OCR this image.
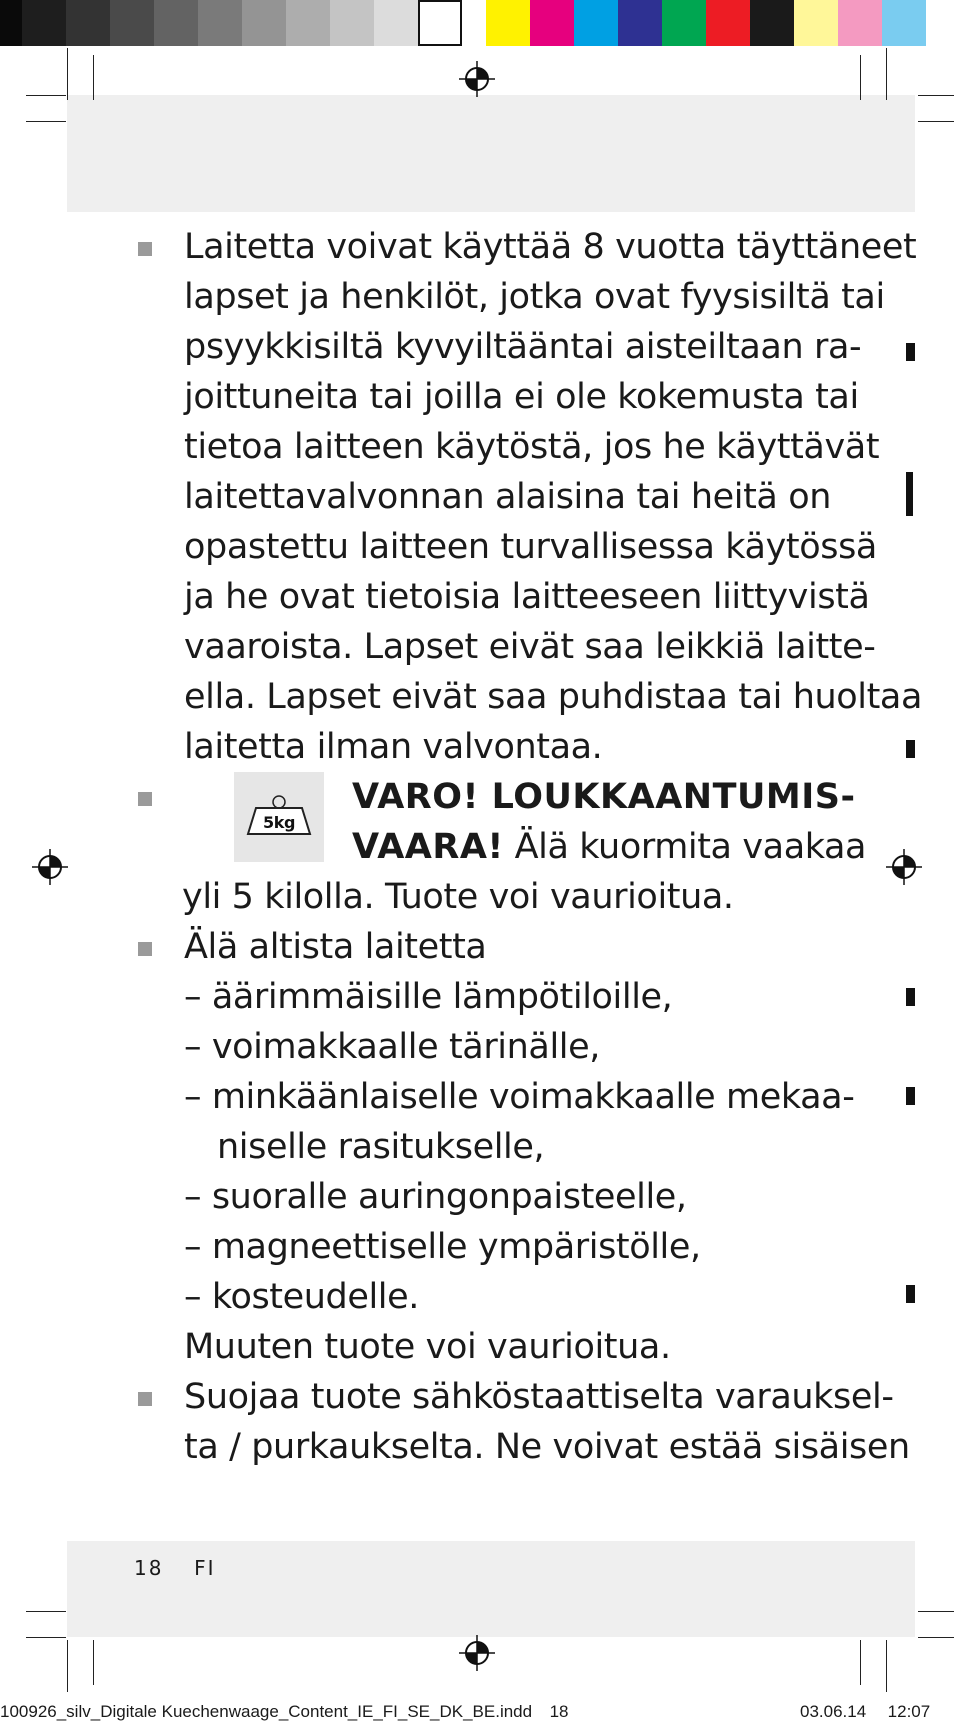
Laitetta voivat käyttää 8 vuotta täyttäneet
lapset ja henkilöt, jotka ovat fyysisiltä tai
psyykkisiltä kyvyiltääntai aisteiltaan ra-
joittuneita tai joilla ei ole kokemusta tai
tietoa laitteen käytöstä, jos he käyttävät
laitettavalvonnan alaisina tai heitä on
opastettu laitteen turvallisessa käytössä
ja he ovat tietoisia laitteeseen liittyvistä
vaaroista. Lapset eivät saa leikkiä laitte-
ella. Lapset eivät saa puhdistaa tai huoltaa
laitetta ilman valvontaa.
5kg
VARO! LOUKKAANTUMIS-
VAARA! Älä kuormita vaakaa
yli 5 kilolla. Tuote voi vaurioitua.
Älä altista laitetta
– äärimmäisille lämpötiloille,
– voimakkaalle tärinälle,
– minkäänlaiselle voimakkaalle mekaa-
niselle rasitukselle,
– suoralle auringonpaisteelle,
– magneettiselle ympäristölle,
– kosteudelle.
Muuten tuote voi vaurioitua.
Suojaa tuote sähköstaattiselta varauksel-
ta / purkaukselta. Ne voivat estää sisäisen
18 FI
100926_silv_Digitale Kuechenwaage_Content_IE_FI_SE_DK_BE.indd 18	03.06.14 12:07
